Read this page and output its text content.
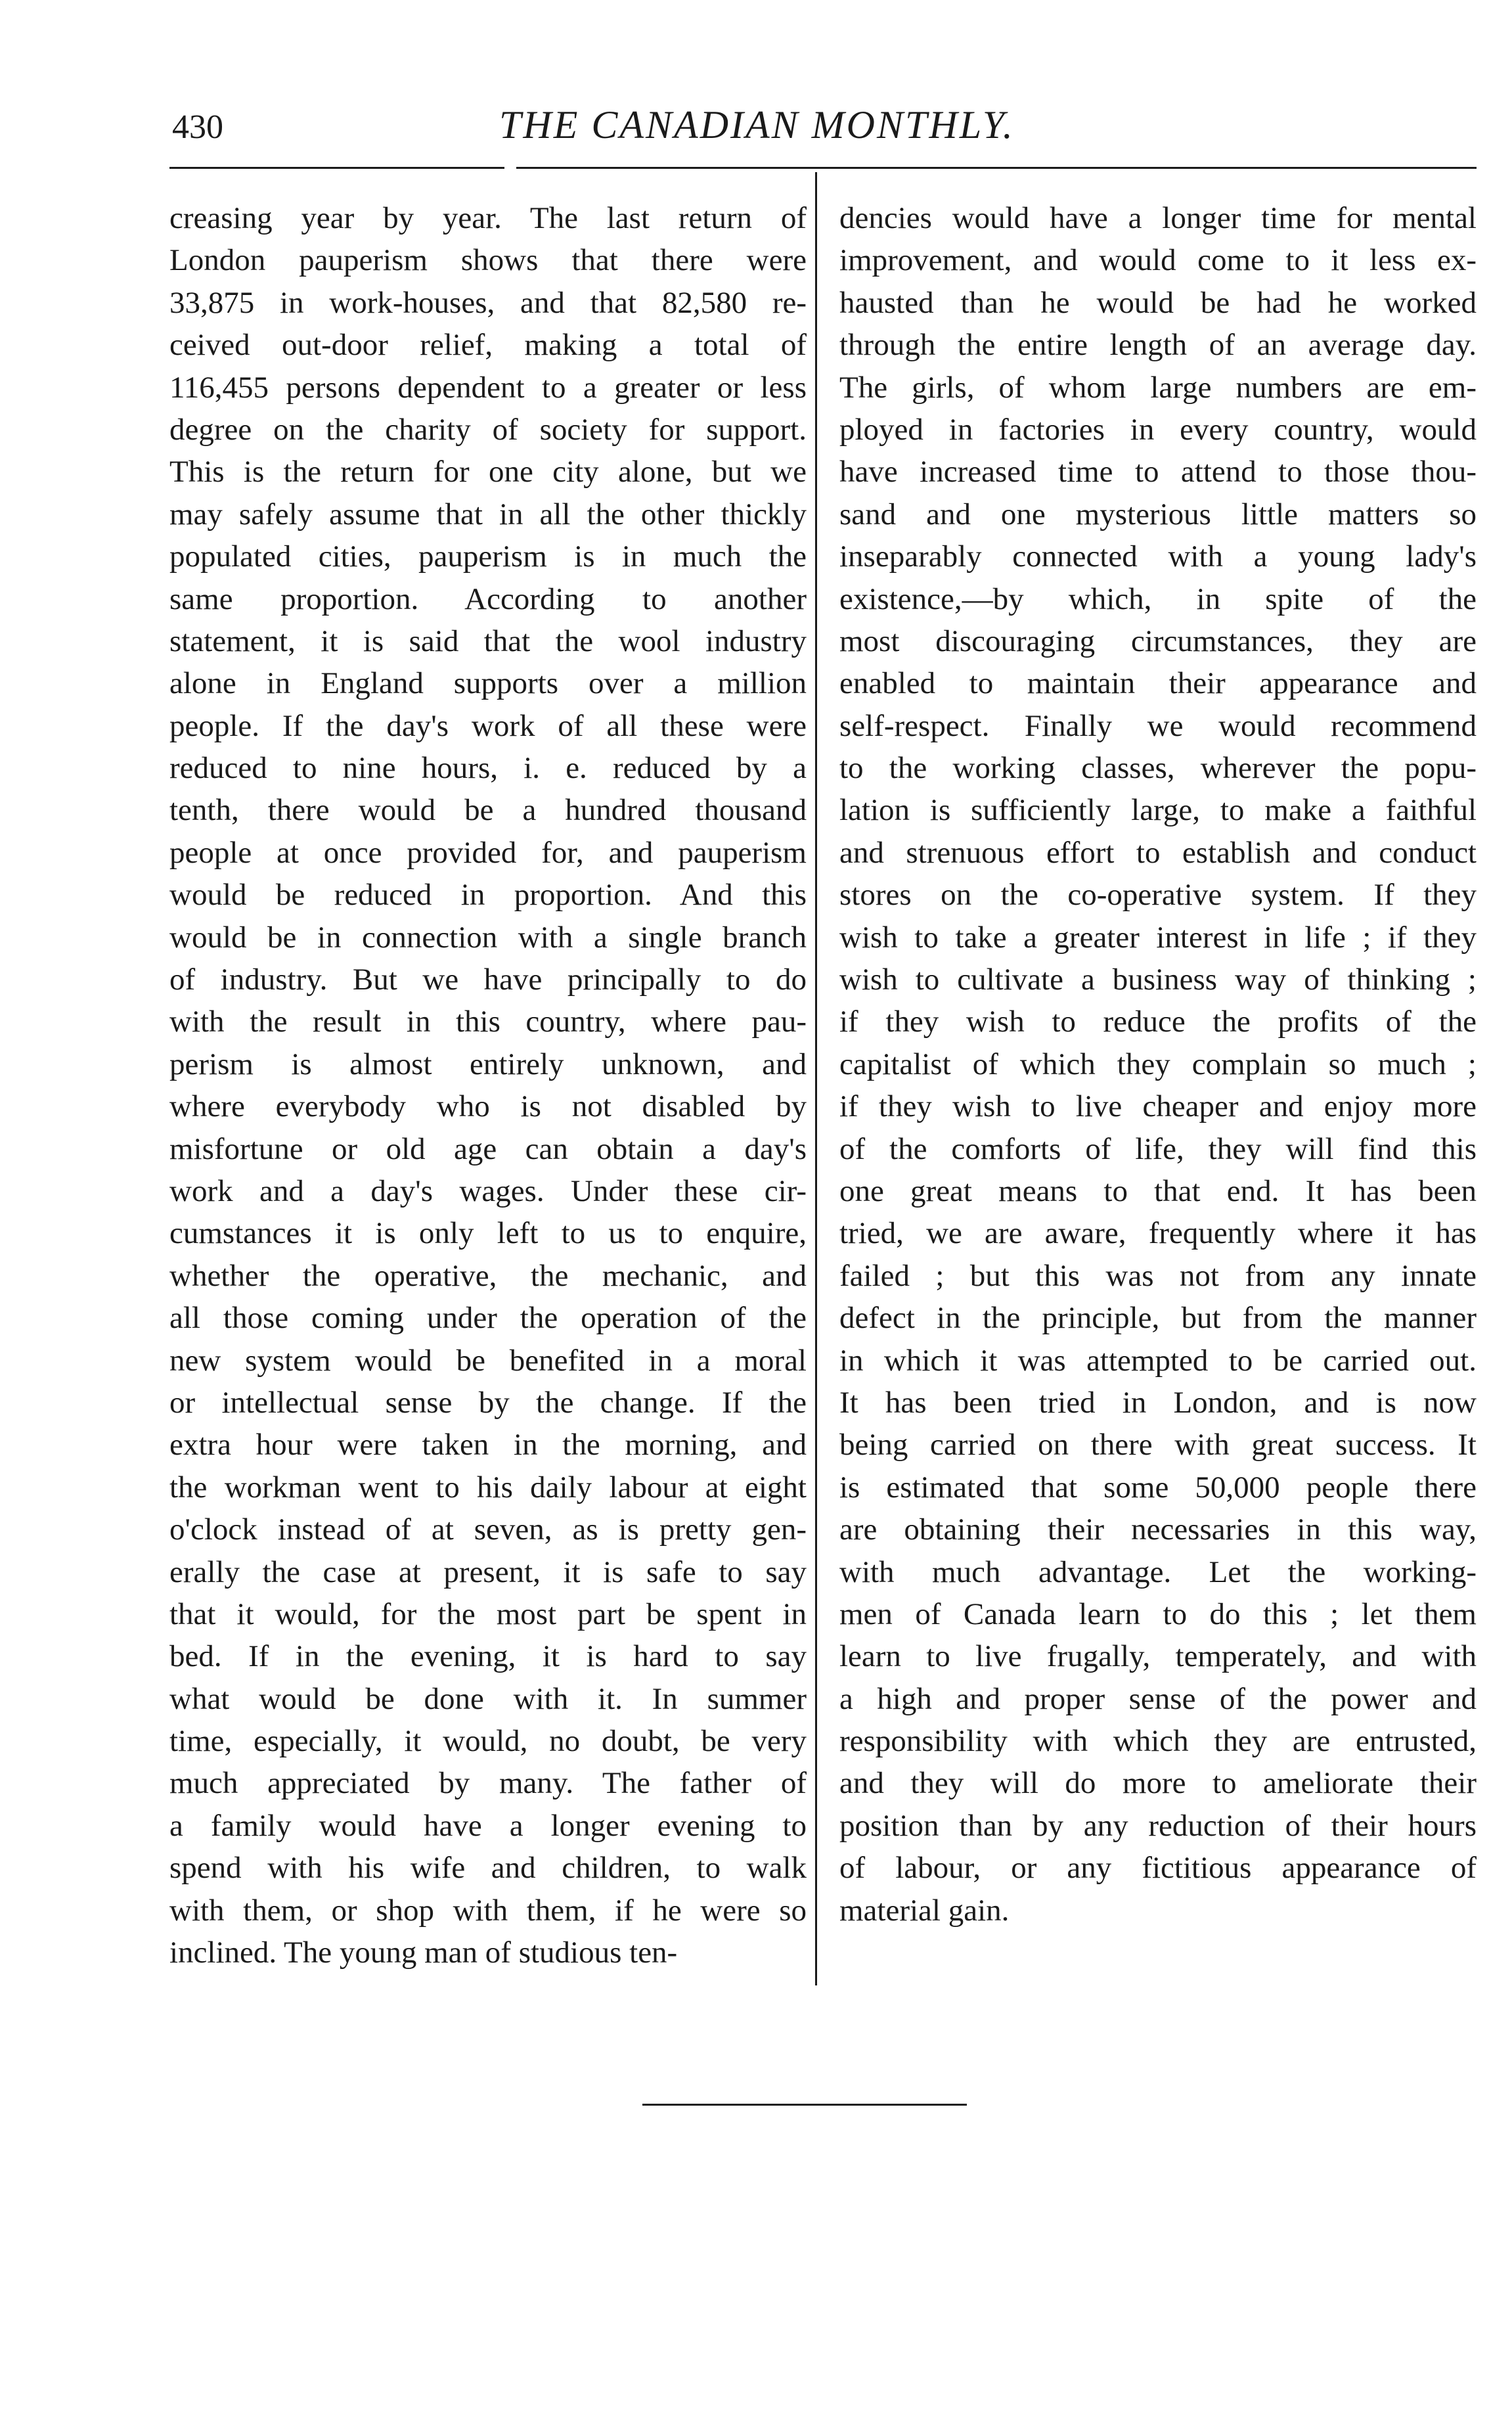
430	THE CANADIAN MONTHLY.
creasing year by year. The last return of
London pauperism shows that there were
33,875 in work-houses, and that 82,580 re-
ceived out-door relief, making a total of
116,455 persons dependent to a greater or less
degree on the charity of society for support.
This is the return for one city alone, but we
may safely assume that in all the other thickly
populated cities, pauperism is in much the
same proportion. According to another
statement, it is said that the wool industry
alone in England supports over a million
people. If the day's work of all these were
reduced to nine hours, i. e. reduced by a
tenth, there would be a hundred thousand
people at once provided for, and pauperism
would be reduced in proportion. And this
would be in connection with a single branch
of industry. But we have principally to do
with the result in this country, where pau-
perism is almost entirely unknown, and
where everybody who is not disabled by
misfortune or old age can obtain a day's
work and a day's wages. Under these cir-
cumstances it is only left to us to enquire,
whether the operative, the mechanic, and
all those coming under the operation of the
new system would be benefited in a moral
or intellectual sense by the change. If the
extra hour were taken in the morning, and
the workman went to his daily labour at eight
o'clock instead of at seven, as is pretty gen-
erally the case at present, it is safe to say
that it would, for the most part be spent in
bed. If in the evening, it is hard to say
what would be done with it. In summer
time, especially, it would, no doubt, be very
much appreciated by many. The father of
a family would have a longer evening to
spend with his wife and children, to walk
with them, or shop with them, if he were so
inclined. The young man of studious ten-
dencies would have a longer time for mental
improvement, and would come to it less ex-
hausted than he would be had he worked
through the entire length of an average day.
The girls, of whom large numbers are em-
ployed in factories in every country, would
have increased time to attend to those thou-
sand and one mysterious little matters so
inseparably connected with a young lady's
existence,—by which, in spite of the
most discouraging circumstances, they are
enabled to maintain their appearance and
self-respect. Finally we would recommend
to the working classes, wherever the popu-
lation is sufficiently large, to make a faithful
and strenuous effort to establish and conduct
stores on the co-operative system. If they
wish to take a greater interest in life ; if they
wish to cultivate a business way of thinking ;
if they wish to reduce the profits of the
capitalist of which they complain so much ;
if they wish to live cheaper and enjoy more
of the comforts of life, they will find this
one great means to that end. It has been
tried, we are aware, frequently where it has
failed ; but this was not from any innate
defect in the principle, but from the manner
in which it was attempted to be carried out.
It has been tried in London, and is now
being carried on there with great success. It
is estimated that some 50,000 people there
are obtaining their necessaries in this way,
with much advantage. Let the working-
men of Canada learn to do this ; let them
learn to live frugally, temperately, and with
a high and proper sense of the power and
responsibility with which they are entrusted,
and they will do more to ameliorate their
position than by any reduction of their hours
of labour, or any fictitious appearance of
material gain.
